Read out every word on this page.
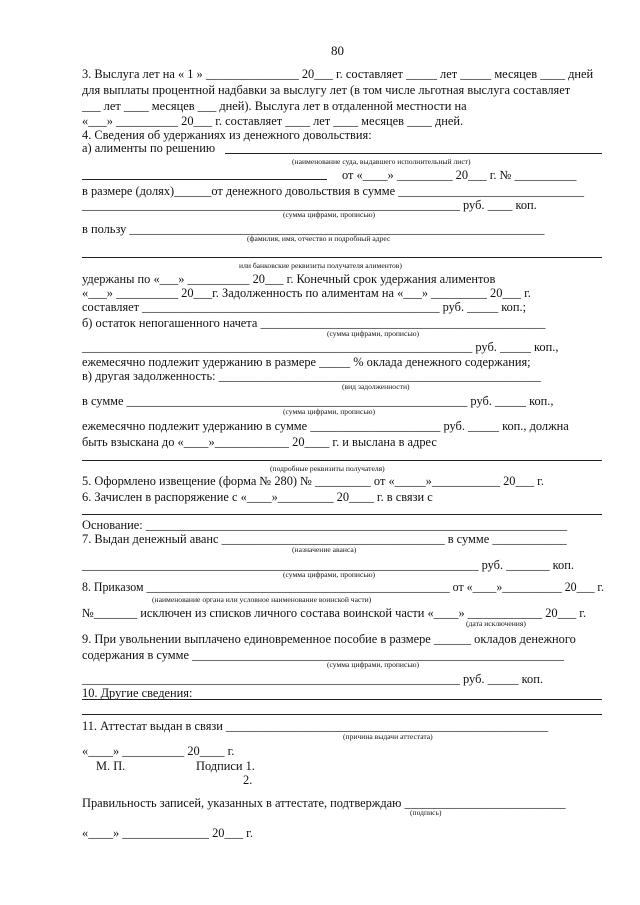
80
3. Выслуга лет на « 1 » _______________ 20___ г. составляет _____ лет _____ месяцев ____ дней
для выплаты процентной надбавки за выслугу лет (в том числе льготная выслуга составляет
___ лет ____ месяцев ___ дней). Выслуга лет в отдаленной местности на
«___» __________ 20___ г. составляет ____ лет ____ месяцев ____ дней.
4. Сведения об удержаниях из денежного довольствия:
а) алименты по решению
(наименование суда, выдавшего исполнительный лист)
от «____» _________ 20___ г. № __________
в размере (долях)______от денежного довольствия в сумме ______________________________
_____________________________________________________________ руб. ____ коп.
(сумма цифрами, прописью)
в пользу ___________________________________________________________________
(фамилия, имя, отчество и подробный адрес
или банковские реквизиты получателя алиментов)
удержаны по «___» __________ 20___ г. Конечный срок удержания алиментов
«___» __________ 20___г. Задолженность по алиментам на «___» _________ 20___ г.
составляет ________________________________________________ руб. _____ коп.;
б) остаток непогашенного начета ______________________________________________
(сумма цифрами, прописью)
_______________________________________________________________ руб. _____ коп.,
ежемесячно подлежит удержанию в размере _____ % оклада денежного содержания;
в) другая задолженность: ____________________________________________________
(вид задолженности)
в сумме _______________________________________________________ руб. _____ коп.,
(сумма цифрами, прописью)
ежемесячно подлежит удержанию в сумме _____________________ руб. _____ коп., должна
быть взыскана до «____»____________ 20____ г. и выслана в адрес
(подробные реквизиты получателя)
5. Оформлено извещение (форма № 280) № _________ от «_____»___________ 20___ г.
6. Зачислен в распоряжение с «____»_________ 20____ г. в связи с
Основание: ____________________________________________________________________
7. Выдан денежный аванс ____________________________________ в сумме ____________
(назначение аванса)
________________________________________________________________ руб. _______ коп.
(сумма цифрами, прописью)
8. Приказом ___________________________________________________ от «____»__________ 20___ г.
(наименование органа или условное наименование воинской части)
№_______ исключен из списков личного состава воинской части «____» ____________ 20___ г.
(дата исключения)
9. При увольнении выплачено единовременное пособие в размере ______ окладов денежного
содержания в сумме ____________________________________________________________
(сумма цифрами, прописью)
_____________________________________________________________ руб. _____ коп.
10. Другие сведения:
11. Аттестат выдан в связи ____________________________________________________
(причина выдачи аттестата)
«____» __________ 20____ г.
М. П.	Подписи 1.
2.
Правильность записей, указанных в аттестате, подтверждаю __________________________
(подпись)
«____» ______________ 20___ г.
